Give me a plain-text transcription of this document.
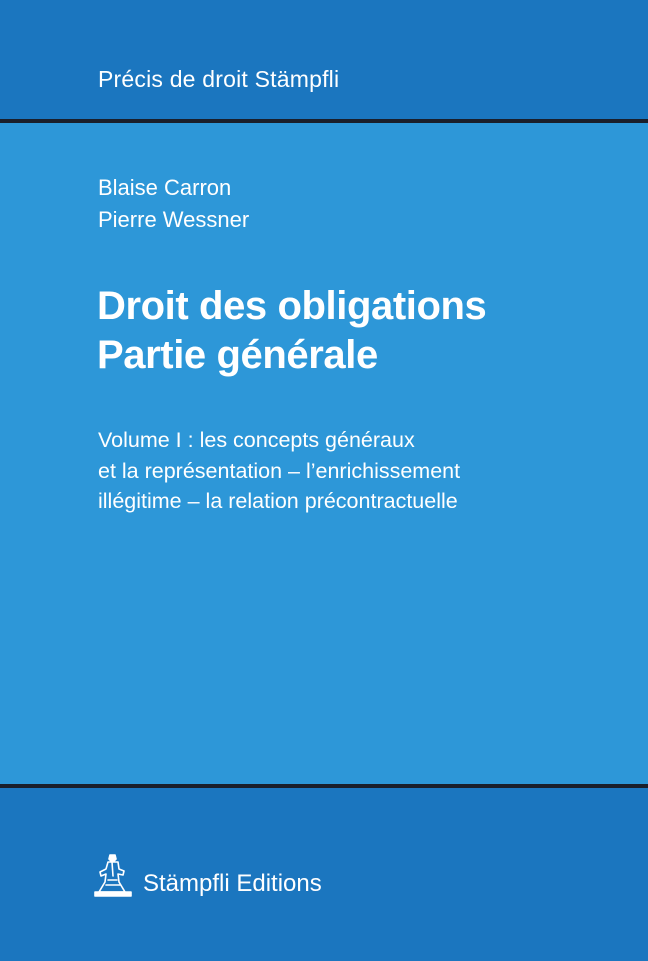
Précis de droit Stämpfli
Blaise Carron
Pierre Wessner
Droit des obligations
Partie générale
Volume I : les concepts généraux
et la représentation – l’enrichissement
illégitime – la relation précontractuelle
Stämpfli Editions
